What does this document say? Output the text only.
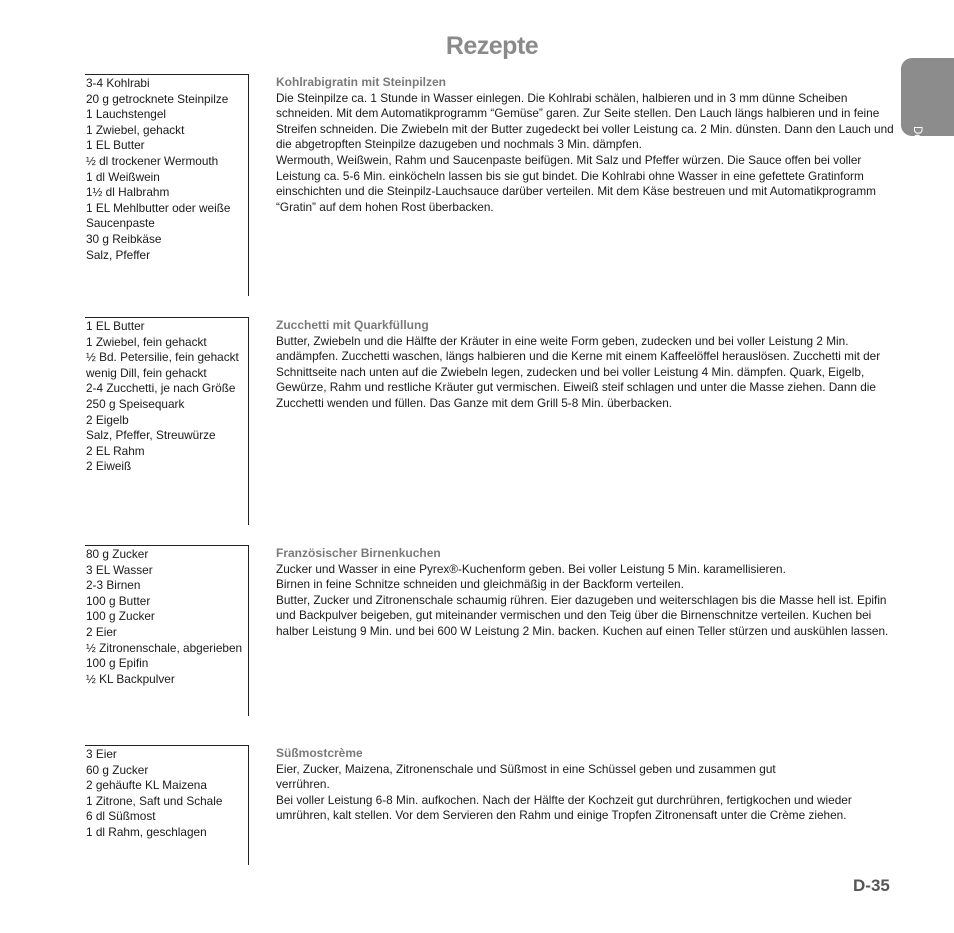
Rezepte
Deutsch
3-4 Kohlrabi
20 g getrocknete Steinpilze
1 Lauchstengel
1 Zwiebel, gehackt
1 EL Butter
½ dl trockener Wermouth
1 dl Weißwein
1½ dl Halbrahm
1 EL Mehlbutter oder weiße Saucenpaste
30 g Reibkäse
Salz, Pfeffer
Kohlrabigratin mit Steinpilzen

Die Steinpilze ca. 1 Stunde in Wasser einlegen. Die Kohlrabi schälen, halbieren und in 3 mm dünne Scheiben schneiden. Mit dem Automatikprogramm “Gemüse” garen. Zur Seite stellen. Den Lauch längs halbieren und in feine Streifen schneiden. Die Zwiebeln mit der Butter zugedeckt bei voller Leistung ca. 2 Min. dünsten. Dann den Lauch und die abgetropften Steinpilze dazugeben und nochmals 3 Min. dämpfen.

Wermouth, Weißwein, Rahm und Saucenpaste beifügen. Mit Salz und Pfeffer würzen. Die Sauce offen bei voller Leistung ca. 5-6 Min. einköcheln lassen bis sie gut bindet. Die Kohlrabi ohne Wasser in eine gefettete Gratinform einschichten und die Steinpilz-Lauchsauce darüber verteilen. Mit dem Käse bestreuen und mit Automatikprogramm “Gratin” auf dem hohen Rost überbacken.

1 EL Butter
1 Zwiebel, fein gehackt
½ Bd. Petersilie, fein gehackt wenig Dill, fein gehackt
2-4 Zucchetti, je nach Größe
250 g Speisequark
2 Eigelb
Salz, Pfeffer, Streuwürze
2 EL Rahm
2 Eiweiß
Zucchetti mit Quarkfüllung

Butter, Zwiebeln und die Hälfte der Kräuter in eine weite Form geben, zudecken und bei voller Leistung 2 Min. andämpfen. Zucchetti waschen, längs halbieren und die Kerne mit einem Kaffeelöffel herauslösen. Zucchetti mit der Schnittseite nach unten auf die Zwiebeln legen, zudecken und bei voller Leistung 4 Min. dämpfen. Quark, Eigelb, Gewürze, Rahm und restliche Kräuter gut vermischen. Eiweiß steif schlagen und unter die Masse ziehen. Dann die Zucchetti wenden und füllen. Das Ganze mit dem Grill 5-8 Min. überbacken.

80 g Zucker
3 EL Wasser
2-3 Birnen
100 g Butter
100 g Zucker
2 Eier
½ Zitronenschale, abgerieben
100 g Epifin
½ KL Backpulver
Französischer Birnenkuchen

Zucker und Wasser in eine Pyrex®-Kuchenform geben. Bei voller Leistung 5 Min. karamellisieren.

Birnen in feine Schnitze schneiden und gleichmäßig in der Backform verteilen.

Butter, Zucker und Zitronenschale schaumig rühren. Eier dazugeben und weiterschlagen bis die Masse hell ist. Epifin und Backpulver beigeben, gut miteinander vermischen und den Teig über die Birnenschnitze verteilen. Kuchen bei halber Leistung 9 Min. und bei 600 W Leistung 2 Min. backen. Kuchen auf einen Teller stürzen und auskühlen lassen.

3 Eier
60 g Zucker
2 gehäufte KL Maizena
1 Zitrone, Saft und Schale
6 dl Süßmost
1 dl Rahm, geschlagen
Süßmostcrème

Eier, Zucker, Maizena, Zitronenschale und Süßmost in eine Schüssel geben und zusammen gut verrühren.

Bei voller Leistung 6-8 Min. aufkochen. Nach der Hälfte der Kochzeit gut durchrühren, fertigkochen und wieder umrühren, kalt stellen. Vor dem Servieren den Rahm und einige Tropfen Zitronensaft unter die Crème ziehen.

D-35
